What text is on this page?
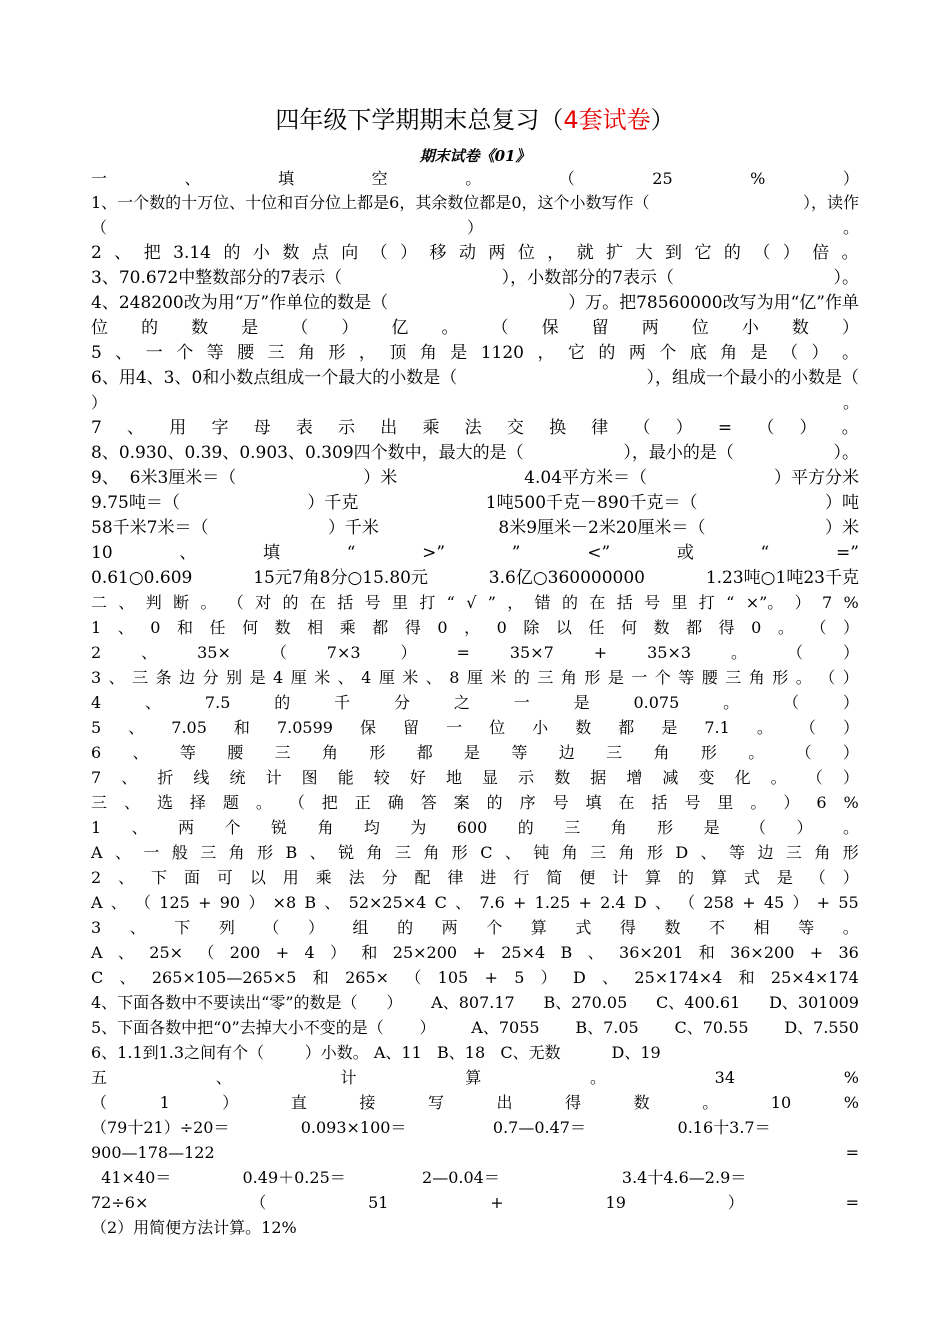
四年级下学期期末总复习（4套试卷）
期末试卷《01》
一	、	填	空	。	（	25	%	）
1、一个数的十万位、十位和百分位上都是6，其余数位都是0，这个小数写作（	），读作
（	）	。
2 、 把 3.14 的 小 数 点 向 （ ） 移 动 两 位 ， 就 扩 大 到 它 的 （ ） 倍 。
3、70.672中整数部分的7表示（	），小数部分的7表示（	）。
4、248200改为用“万”作单位的数是（	）万。把78560000改写为用“亿”作单
位 的 数 是 （ ） 亿 。 （ 保 留 两 位 小 数 ）
5 、 一 个 等 腰 三 角 形 ， 顶 角 是 1120 ， 它 的 两 个 底 角 是 （ ） 。
6、用4、3、0和小数点组成一个最大的小数是（	），组成一个最小的小数是（
）	。
7 、 用 字 母 表 示 出 乘 法 交 换 律 （ ） = （ ） 。
8、0.930、0.39、0.903、0.309四个数中，最大的是（	），最小的是（	）。
9、  6米3厘米＝（	）米	4.04平方米＝（	）平方分米
9.75吨＝（	）千克	1吨500千克－890千克＝（	）吨
58千米7米＝（	）千米	8米9厘米－2米20厘米＝（	）米
10	、	填	“	>”	”	<”	或	“	=”
0.61○0.609	15元7角8分○15.80元	3.6亿○360000000	1.23吨○1吨23千克
二 、 判 断 。 （ 对 的 在 括 号 里 打 “ √ ” ， 错 的 在 括 号 里 打 “ ×”。 ） 7 %
1 、 0 和 任 何 数 相 乘 都 得 0 ， 0 除 以 任 何 数 都 得 0 。 （ ）
2 、 35× （ 7×3 ） = 35×7 + 35×3 。 （ ）
3 、 三 条 边 分 别 是 4 厘 米 、 4 厘 米 、 8 厘 米 的 三 角 形 是 一 个 等 腰 三 角 形 。 （ ）
4	、	7.5	的	千	分	之	一	是	0.075	。	（	）
5 、 7.05 和 7.0599 保 留 一 位 小 数 都 是 7.1 。 （ ）
6 、 等 腰 三 角 形 都 是 等 边 三 角 形 。 （ ）
7 、 折 线 统 计 图 能 较 好 地 显 示 数 据 增 减 变 化 。 （ ）
三 、 选 择 题 。 （ 把 正 确 答 案 的 序 号 填 在 括 号 里 。 ） 6 %
1 、 两 个 锐 角 均 为 600 的 三 角 形 是 （ ） 。
A 、 一 般 三 角 形 B 、 锐 角 三 角 形 C 、 钝 角 三 角 形 D 、 等 边 三 角 形
2 、 下 面 可 以 用 乘 法 分 配 律 进 行 简 便 计 算 的 算 式 是 （ ）
A 、 （ 125 + 90 ） ×8 B 、 52×25×4 C 、 7.6 + 1.25 + 2.4 D 、 （ 258 + 45 ） + 55
3 、 下 列 （ ） 组 的 两 个 算 式 得 数 不 相 等 。
A 、 25× （ 200 + 4 ） 和 25×200 + 25×4 B 、 36×201 和 36×200 + 36
C 、 265×105—265×5 和 265× （ 105 + 5 ） D 、 25×174×4 和 25×4×174
4、下面各数中不要读出“零”的数是（ ） A、807.17 B、270.05 C、400.61 D、301009
5、下面各数中把“0”去掉大小不变的是（ ） A、7055 B、7.05 C、70.55 D、7.550
6、1.1到1.3之间有个（        ）小数。 A、11   B、18   C、无数          D、19
五	、	计	算	。	34	%
（	1	）	直	接	写	出	得	数	。	10	%
（79十21）÷20＝              0.093×100＝                 0.7—0.47＝                  0.16十3.7＝
900—178—122	=
41×40＝              0.49＋0.25＝               2—0.04＝                        3.4十4.6—2.9＝
72÷6×	（	51	+	19	）	=
（2）用简便方法计算。12%
